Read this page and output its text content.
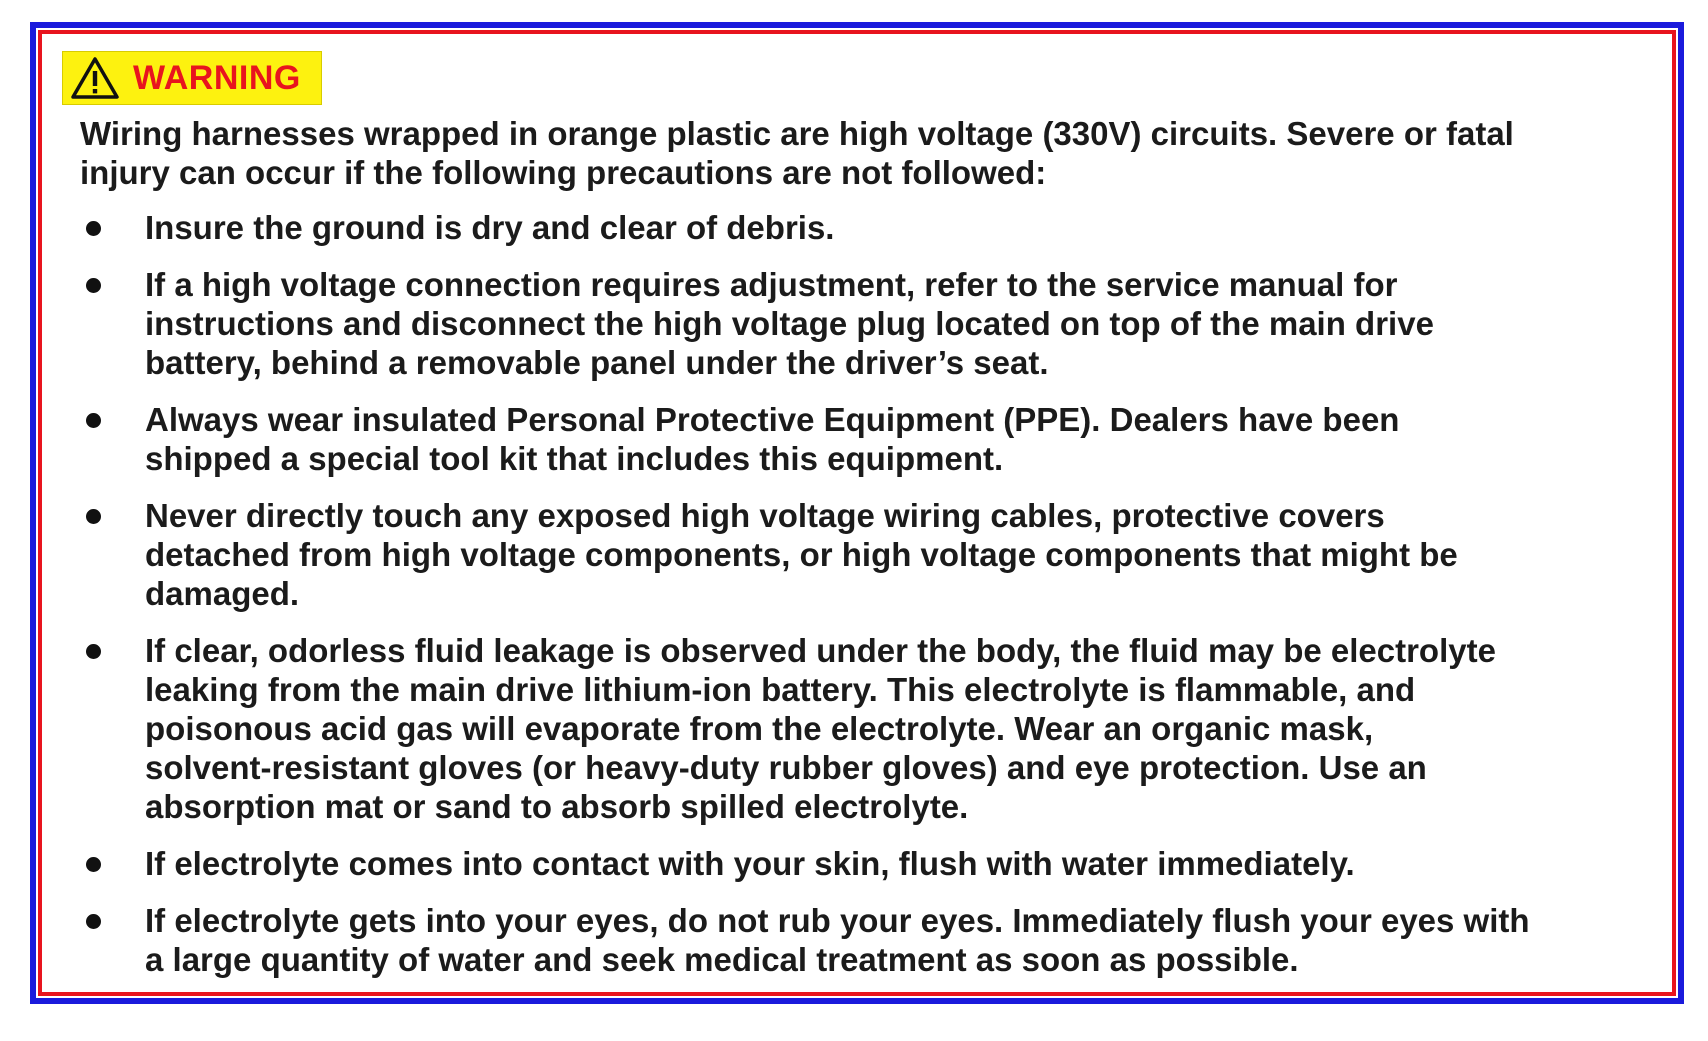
WARNING

Wiring harnesses wrapped in orange plastic are high voltage (330V) circuits. Severe or fatal
injury can occur if the following precautions are not followed:

Insure the ground is dry and clear of debris.
If a high voltage connection requires adjustment, refer to the service manual for
instructions and disconnect the high voltage plug located on top of the main drive
battery, behind a removable panel under the driver’s seat.
Always wear insulated Personal Protective Equipment (PPE). Dealers have been
shipped a special tool kit that includes this equipment.
Never directly touch any exposed high voltage wiring cables, protective covers
detached from high voltage components, or high voltage components that might be
damaged.
If clear, odorless fluid leakage is observed under the body, the fluid may be electrolyte
leaking from the main drive lithium-ion battery. This electrolyte is flammable, and
poisonous acid gas will evaporate from the electrolyte. Wear an organic mask,
solvent-resistant gloves (or heavy-duty rubber gloves) and eye protection. Use an
absorption mat or sand to absorb spilled electrolyte.
If electrolyte comes into contact with your skin, flush with water immediately.
If electrolyte gets into your eyes, do not rub your eyes. Immediately flush your eyes with
a large quantity of water and seek medical treatment as soon as possible.
